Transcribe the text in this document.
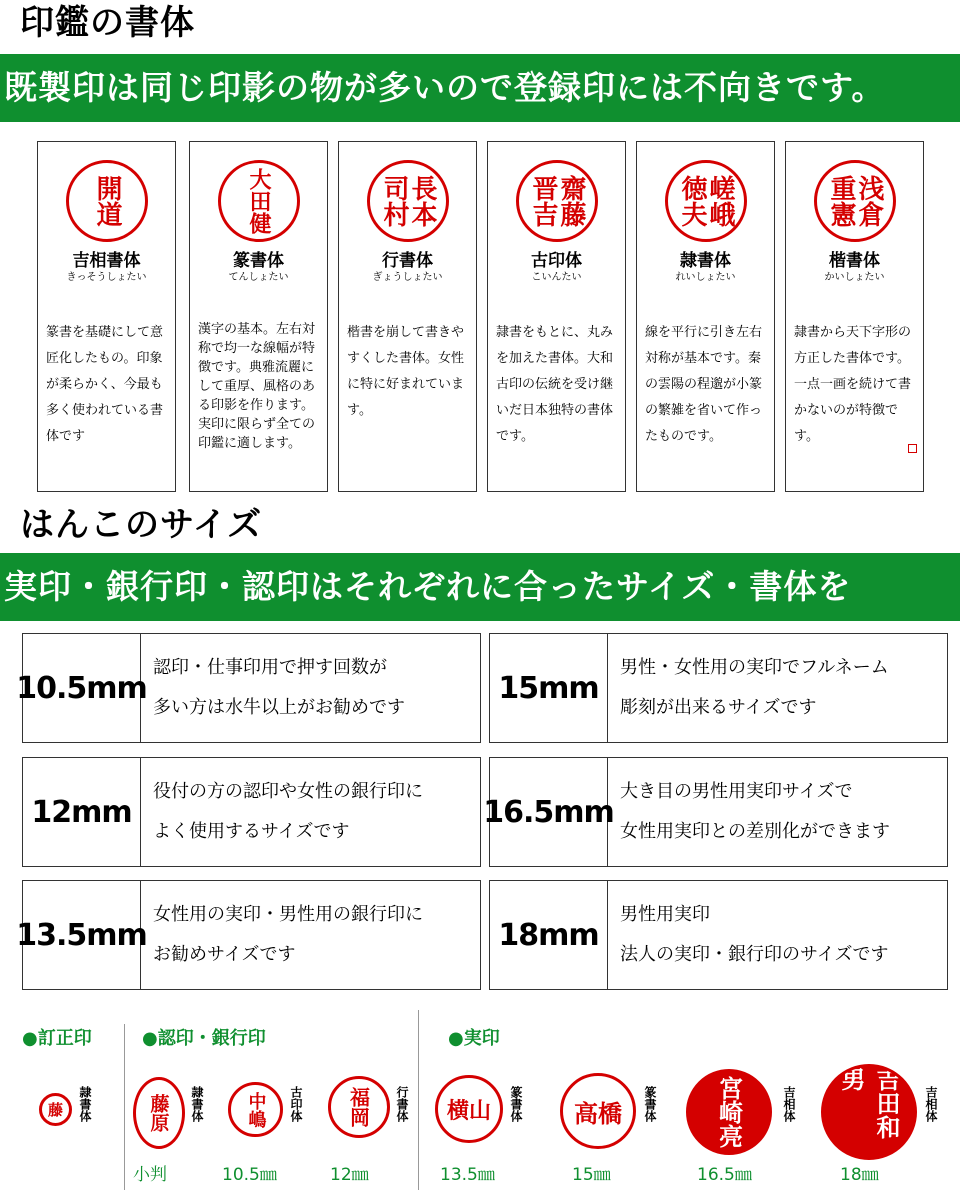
印鑑の書体
既製印は同じ印影の物が多いので登録印には不向きです。
開道
吉相書体
きっそうしょたい
篆書を基礎にして意匠化したもの。印象が柔らかく、今最も多く使われている書体です
大田健
篆書体
てんしょたい
漢字の基本。左右対称で均一な線幅が特徴です。典雅流麗にして重厚、風格のある印影を作ります。実印に限らず全ての印鑑に適します。
長本司村
行書体
ぎょうしょたい
楷書を崩して書きやすくした書体。女性に特に好まれています。
齋藤晋吉
古印体
こいんたい
隷書をもとに、丸みを加えた書体。大和古印の伝統を受け継いだ日本独特の書体です。
嵯峨徳夫
隷書体
れいしょたい
線を平行に引き左右対称が基本です。秦の雲陽の程邈が小篆の繁雑を省いて作ったものです。
浅倉重憲
楷書体
かいしょたい
隷書から天下字形の方正した書体です。一点一画を続けて書かないのが特徴です。
はんこのサイズ
実印・銀行印・認印はそれぞれに合ったサイズ・書体を
10.5mm
認印・仕事印用で押す回数が
多い方は水牛以上がお勧めです
15mm
男性・女性用の実印でフルネーム
彫刻が出来るサイズです
12mm
役付の方の認印や女性の銀行印に
よく使用するサイズです
16.5mm
大き目の男性用実印サイズで
女性用実印との差別化ができます
13.5mm
女性用の実印・男性用の銀行印に
お勧めサイズです
18mm
男性用実印
法人の実印・銀行印のサイズです
●訂正印	●認印・銀行印	●実印
藤 隷書体	藤原 隷書体
小判
中嶋 古印体
10.5㎜
福岡 行書体
12㎜
横山 篆書体
13.5㎜
高橋 篆書体
15㎜
宮崎亮	吉相体
16.5㎜
吉田和男
吉相体
18㎜
